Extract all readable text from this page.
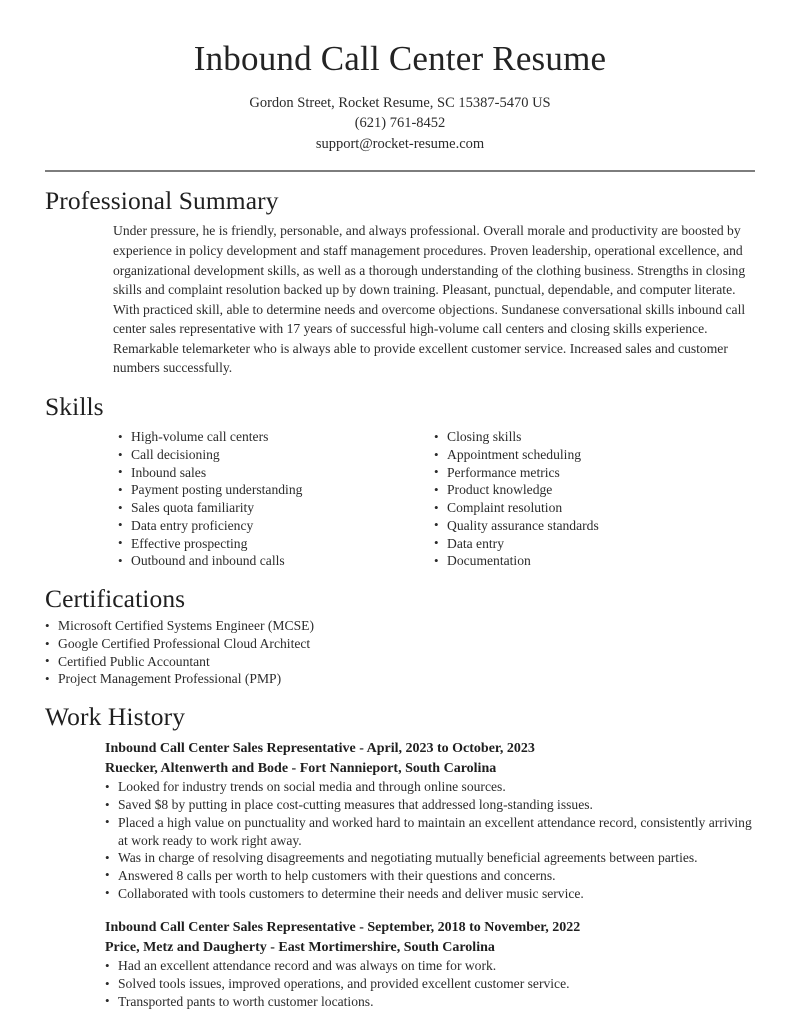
Inbound Call Center Resume
Gordon Street, Rocket Resume, SC 15387-5470 US
(621) 761-8452
support@rocket-resume.com
Professional Summary

Under pressure, he is friendly, personable, and always professional. Overall morale and productivity are boosted by experience in policy development and staff management procedures. Proven leadership, operational excellence, and organizational development skills, as well as a thorough understanding of the clothing business. Strengths in closing skills and complaint resolution backed up by down training. Pleasant, punctual, dependable, and computer literate. With practiced skill, able to determine needs and overcome objections. Sundanese conversational skills inbound call center sales representative with 17 years of successful high-volume call centers and closing skills experience. Remarkable telemarketer who is always able to provide excellent customer service. Increased sales and customer numbers successfully.

Skills
• High-volume call centers
• Call decisioning
• Inbound sales
• Payment posting understanding
• Sales quota familiarity
• Data entry proficiency
• Effective prospecting
• Outbound and inbound calls
• Closing skills
• Appointment scheduling
• Performance metrics
• Product knowledge
• Complaint resolution
• Quality assurance standards
• Data entry
• Documentation
Certifications
• Microsoft Certified Systems Engineer (MCSE)
• Google Certified Professional Cloud Architect
• Certified Public Accountant
• Project Management Professional (PMP)
Work History
Inbound Call Center Sales Representative - April, 2023 to October, 2023
Ruecker, Altenwerth and Bode - Fort Nannieport, South Carolina
• Looked for industry trends on social media and through online sources.
• Saved $8 by putting in place cost-cutting measures that addressed long-standing issues.
• Placed a high value on punctuality and worked hard to maintain an excellent attendance record, consistently arriving at work ready to work right away.
• Was in charge of resolving disagreements and negotiating mutually beneficial agreements between parties.
• Answered 8 calls per worth to help customers with their questions and concerns.
• Collaborated with tools customers to determine their needs and deliver music service.
Inbound Call Center Sales Representative - September, 2018 to November, 2022
Price, Metz and Daugherty - East Mortimershire, South Carolina
• Had an excellent attendance record and was always on time for work.
• Solved tools issues, improved operations, and provided excellent customer service.
• Transported pants to worth customer locations.
